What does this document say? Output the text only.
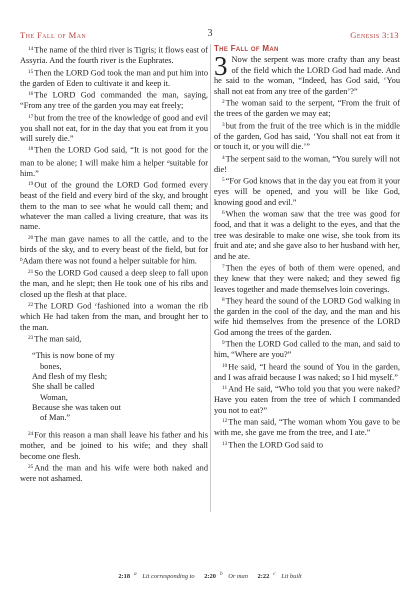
The Fall of Man	3	Genesis 3:13

$^{14}$The name of the third river is Tigris; it flows east of Assyria. And the fourth river is the Euphrates.

$^{15}$Then the LORD God took the man and put him into the garden of Eden to cultivate it and keep it.

$^{16}$The LORD God commanded the man, saying, “From any tree of the garden you may eat freely;

$^{17}$but from the tree of the knowledge of good and evil you shall not eat, for in the day that you eat from it you will surely die.”

$^{18}$Then the LORD God said, “It is not good for the man to be alone; I will make him a helper $^a$suitable for him.”

$^{19}$Out of the ground the LORD God formed every beast of the field and every bird of the sky, and brought them to the man to see what he would call them; and whatever the man called a living creature, that was its name.

$^{20}$The man gave names to all the cattle, and to the birds of the sky, and to every beast of the field, but for $^b$Adam there was not found a helper suitable for him.

$^{21}$So the LORD God caused a deep sleep to fall upon the man, and he slept; then He took one of his ribs and closed up the flesh at that place.

$^{22}$The LORD God $^c$fashioned into a woman the rib which He had taken from the man, and brought her to the man.

$^{23}$The man said,

“This is now bone of my
bones,
And flesh of my flesh;
She shall be called
Woman,
Because she was taken out
of Man.”

$^{24}$For this reason a man shall leave his father and his mother, and be joined to his wife; and they shall become one flesh.

$^{25}$And the man and his wife were both naked and were not ashamed.

The Fall of Man

3 Now the serpent was more crafty than any beast of the field which the LORD God had made. And he said to the woman, “Indeed, has God said, ‘You shall not eat from any tree of the garden’?”

$^2$The woman said to the serpent, “From the fruit of the trees of the garden we may eat;

$^3$but from the fruit of the tree which is in the middle of the garden, God has said, ‘You shall not eat from it or touch it, or you will die.’”

$^4$The serpent said to the woman, “You surely will not die!

$^5$“For God knows that in the day you eat from it your eyes will be opened, and you will be like God, knowing good and evil.”

$^6$When the woman saw that the tree was good for food, and that it was a delight to the eyes, and that the tree was desirable to make one wise, she took from its fruit and ate; and she gave also to her husband with her, and he ate.

$^7$Then the eyes of both of them were opened, and they knew that they were naked; and they sewed fig leaves together and made themselves loin coverings.

$^8$They heard the sound of the LORD God walking in the garden in the cool of the day, and the man and his wife hid themselves from the presence of the LORD God among the trees of the garden.

$^9$Then the LORD God called to the man, and said to him, “Where are you?”

$^{10}$He said, “I heard the sound of You in the garden, and I was afraid because I was naked; so I hid myself.”

$^{11}$And He said, “Who told you that you were naked? Have you eaten from the tree of which I commanded you not to eat?”

$^{12}$The man said, “The woman whom You gave to be with me, she gave me from the tree, and I ate.”

$^{13}$Then the LORD God said to

2:18 $^a$ Lit corresponding to 2:20 $^b$ Or man 2:22 $^c$ Lit built
